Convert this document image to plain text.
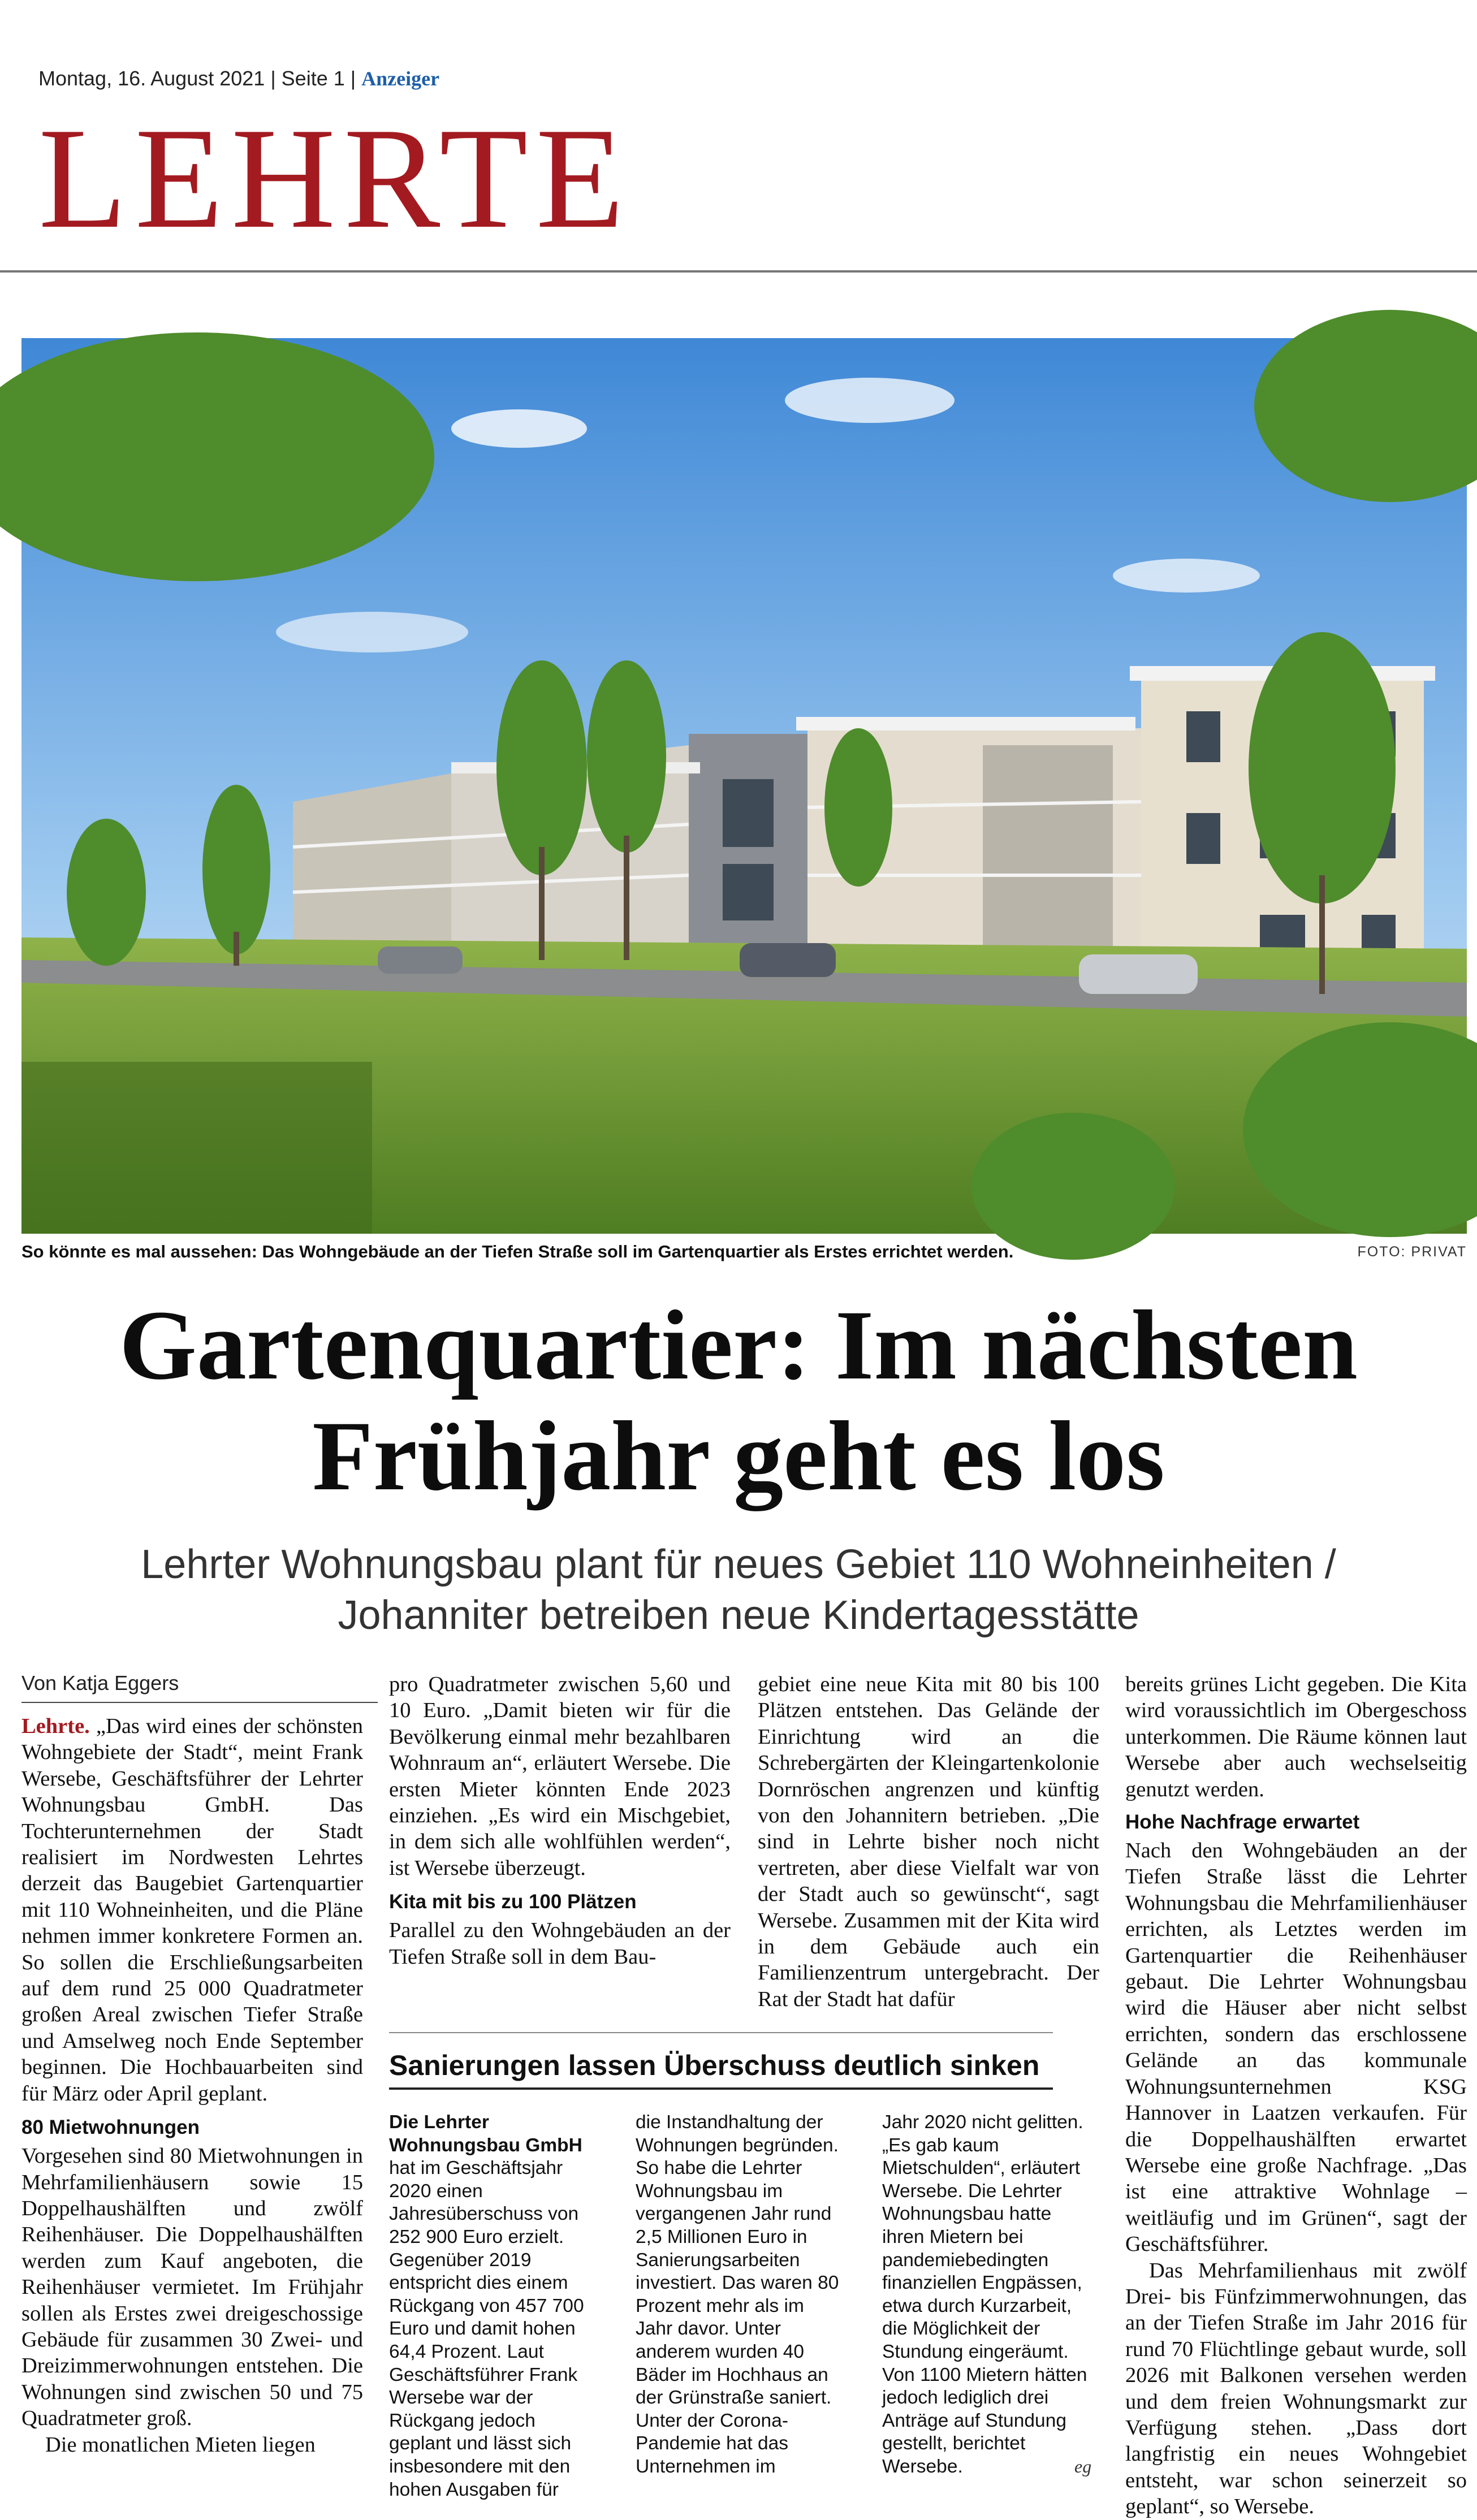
Montag, 16. August 2021 | Seite 1 | Anzeiger
LEHRTE
So könnte es mal aussehen: Das Wohngebäude an der Tiefen Straße soll im Gartenquartier als Erstes errichtet werden.	FOTO: PRIVAT
Gartenquartier: Im nächsten
Frühjahr geht es los
Lehrter Wohnungsbau plant für neues Gebiet 110 Wohneinheiten /
Johanniter betreiben neue Kindertagesstätte
Von Katja Eggers

Lehrte. „Das wird eines der schönsten Wohngebiete der Stadt“, meint Frank Wersebe, Geschäftsführer der Lehrter Wohnungsbau GmbH. Das Tochterunternehmen der Stadt realisiert im Nordwesten Lehrtes derzeit das Baugebiet Gartenquartier mit 110 Wohneinheiten, und die Pläne nehmen immer konkretere Formen an. So sollen die Erschließungsarbeiten auf dem rund 25 000 Quadratmeter großen Areal zwischen Tiefer Straße und Amselweg noch Ende September beginnen. Die Hochbauarbeiten sind für März oder April geplant.

80 Mietwohnungen

Vorgesehen sind 80 Mietwohnungen in Mehrfamilienhäusern sowie 15 Doppelhaushälften und zwölf Reihenhäuser. Die Doppelhaushälften werden zum Kauf angeboten, die Reihenhäuser vermietet. Im Frühjahr sollen als Erstes zwei dreigeschossige Gebäude für zusammen 30 Zwei- und Dreizimmerwohnungen entstehen. Die Wohnungen sind zwischen 50 und 75 Quadratmeter groß.

Die monatlichen Mieten liegen

pro Quadratmeter zwischen 5,60 und 10 Euro. „Damit bieten wir für die Bevölkerung einmal mehr bezahlbaren Wohnraum an“, erläutert Wersebe. Die ersten Mieter könnten Ende 2023 einziehen. „Es wird ein Mischgebiet, in dem sich alle wohlfühlen werden“, ist Wersebe überzeugt.

Kita mit bis zu 100 Plätzen

Parallel zu den Wohngebäuden an der Tiefen Straße soll in dem Bau-

gebiet eine neue Kita mit 80 bis 100 Plätzen entstehen. Das Gelände der Einrichtung wird an die Schrebergärten der Kleingartenkolonie Dornröschen angrenzen und künftig von den Johannitern betrieben. „Die sind in Lehrte bisher noch nicht vertreten, aber diese Vielfalt war von der Stadt auch so gewünscht“, sagt Wersebe. Zusammen mit der Kita wird in dem Gebäude auch ein Familienzentrum untergebracht. Der Rat der Stadt hat dafür

bereits grünes Licht gegeben. Die Kita wird voraussichtlich im Obergeschoss unterkommen. Die Räume können laut Wersebe aber auch wechselseitig genutzt werden.

Hohe Nachfrage erwartet

Nach den Wohngebäuden an der Tiefen Straße lässt die Lehrter Wohnungsbau die Mehrfamilienhäuser errichten, als Letztes werden im Gartenquartier die Reihenhäuser gebaut. Die Lehrter Wohnungsbau wird die Häuser aber nicht selbst errichten, sondern das erschlossene Gelände an das kommunale Wohnungsunternehmen KSG Hannover in Laatzen verkaufen. Für die Doppelhaushälften erwartet Wersebe eine große Nachfrage. „Das ist eine attraktive Wohnlage – weitläufig und im Grünen“, sagt der Geschäftsführer.

Das Mehrfamilienhaus mit zwölf Drei- bis Fünfzimmerwohnungen, das an der Tiefen Straße im Jahr 2016 für rund 70 Flüchtlinge gebaut wurde, soll 2026 mit Balkonen versehen werden und dem freien Wohnungsmarkt zur Verfügung stehen. „Dass dort langfristig ein neues Wohngebiet entsteht, war schon seinerzeit so geplant“, so Wersebe.

Sanierungen lassen Überschuss deutlich sinken
Die Lehrter Wohnungsbau GmbH hat im Geschäftsjahr 2020 einen Jahresüberschuss von 252 900 Euro erzielt. Gegenüber 2019 entspricht dies einem Rückgang von 457 700 Euro und damit hohen 64,4 Prozent. Laut Geschäftsführer Frank Wersebe war der Rückgang jedoch geplant und lässt sich insbesondere mit den hohen Ausgaben für
die Instandhaltung der Wohnungen begründen. So habe die Lehrter Wohnungsbau im vergangenen Jahr rund 2,5 Millionen Euro in Sanierungsarbeiten investiert. Das waren 80 Prozent mehr als im Jahr davor. Unter anderem wurden 40 Bäder im Hochhaus an der Grünstraße saniert. Unter der Corona-Pandemie hat das Unternehmen im
Jahr 2020 nicht gelitten. „Es gab kaum Mietschulden“, erläutert Wersebe. Die Lehrter Wohnungsbau hatte ihren Mietern bei pandemiebedingten finanziellen Engpässen, etwa durch Kurzarbeit, die Möglichkeit der Stundung eingeräumt. Von 1100 Mietern hätten jedoch lediglich drei Anträge auf Stundung gestellt, berichtet Wersebe.	eg
